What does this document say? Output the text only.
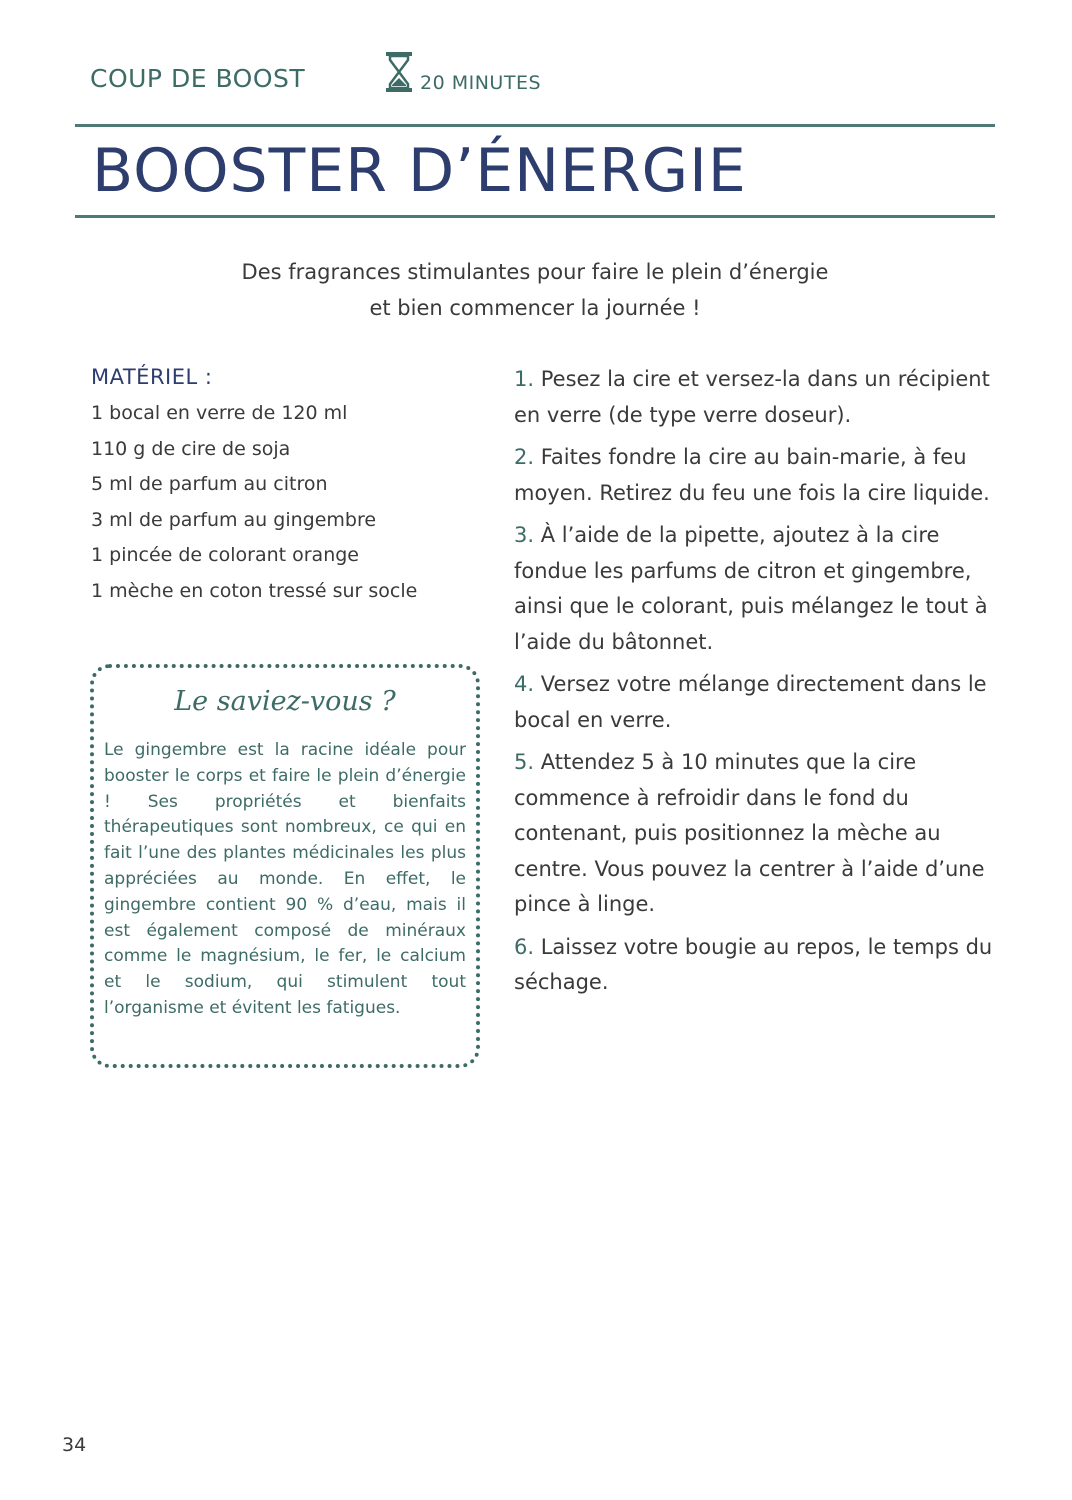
COUP DE BOOST	20 MINUTES
BOOSTER D’ÉNERGIE
Des fragrances stimulantes pour faire le plein d’énergie
et bien commencer la journée !
MATÉRIEL :
1 bocal en verre de 120 ml
110 g de cire de soja
5 ml de parfum au citron
3 ml de parfum au gingembre
1 pincée de colorant orange
1 mèche en coton tressé sur socle
Le saviez-vous ?
Le gingembre est la racine idéale pour booster le corps et faire le plein d’énergie ! Ses propriétés et bienfaits thérapeutiques sont nombreux, ce qui en fait l’une des plantes médicinales les plus appréciées au monde. En effet, le gingembre contient 90 % d’eau, mais il est également composé de minéraux comme le magnésium, le fer, le calcium et le sodium, qui stimulent tout l’organisme et évitent les fatigues.

1. Pesez la cire et versez-la dans un récipient en verre (de type verre doseur).

2. Faites fondre la cire au bain-marie, à feu moyen. Retirez du feu une fois la cire liquide.

3. À l’aide de la pipette, ajoutez à la cire fondue les parfums de citron et gingembre, ainsi que le colorant, puis mélangez le tout à l’aide du bâtonnet.

4. Versez votre mélange directement dans le bocal en verre.

5. Attendez 5 à 10 minutes que la cire commence à refroidir dans le fond du contenant, puis positionnez la mèche au centre. Vous pouvez la centrer à l’aide d’une pince à linge.

6. Laissez votre bougie au repos, le temps du séchage.

34
